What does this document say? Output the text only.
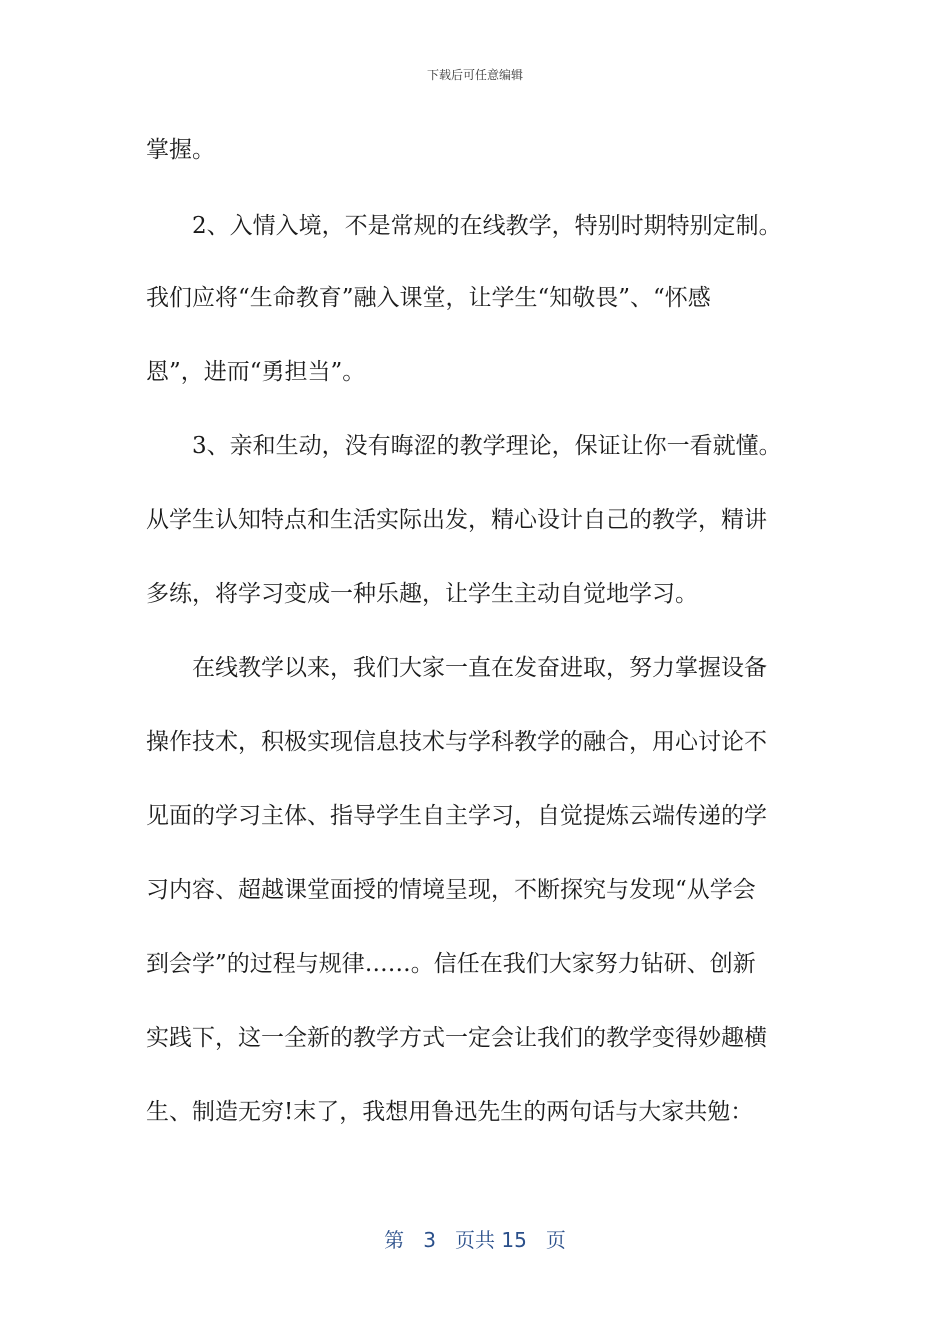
下载后可任意编辑
掌握。
2、入情入境，不是常规的在线教学，特别时期特别定制。
我们应将“生命教育”融入课堂，让学生“知敬畏”、“怀感
恩”，进而“勇担当”。
3、亲和生动，没有晦涩的教学理论，保证让你一看就懂。
从学生认知特点和生活实际出发，精心设计自己的教学，精讲
多练，将学习变成一种乐趣，让学生主动自觉地学习。
在线教学以来，我们大家一直在发奋进取，努力掌握设备
操作技术，积极实现信息技术与学科教学的融合，用心讨论不
见面的学习主体、指导学生自主学习，自觉提炼云端传递的学
习内容、超越课堂面授的情境呈现，不断探究与发现“从学会
到会学”的过程与规律……。信任在我们大家努力钻研、创新
实践下，这一全新的教学方式一定会让我们的教学变得妙趣横
生、制造无穷!末了，我想用鲁迅先生的两句话与大家共勉：
第 3 页共 15 页
